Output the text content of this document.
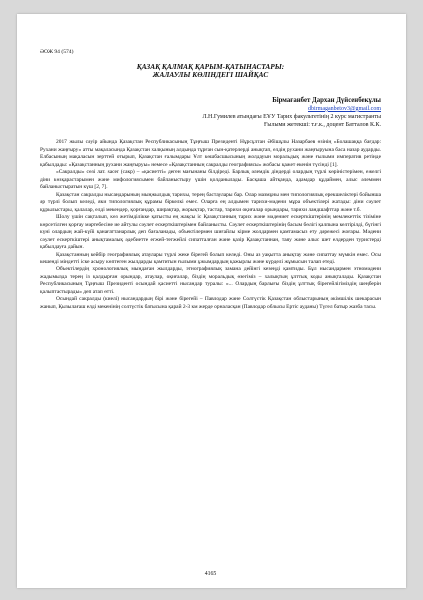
ӘОЖ 94 (574)
ҚАЗАҚ ҚАЛМАҚ ҚАРЫМ-ҚАТЫНАСТАРЫ:
ЖАЛАУЛЫ КӨЛІНДЕГІ ШАЙҚАС
Бірмағанбет Дархан Дүйсенбекұлы
dbirmaganbetov3@gmail.com
Л.Н.Гумилев атындағы ЕҰУ Тарих факультетінің 2 курс магистранты
Ғылыми жетекші: т.ғ.к., доцент Батталов К.К.

2017 жылы сәуір айында Қазақстан Республикасының Тұңғыш Президенті Нұрсұлтан Әбішұлы Назарбаев өзінің «Болашаққа бағдар: Рухани жаңғыру» атты мақаласында Қазақстан халқының алдында тұрған сын-қатерлерді анықтап, елдің рухани жаңғыруына баса назар аударды. Елбасының мақаласын зерттей отырып, Қазақстан ғалымдары Ұлт көшбасшысының жолдауын моральдық және ғылыми императив ретінде қабылдады: «Қазақстанның рухани жаңғыруы» немесе «Қазақстанның сакралды географиясы» жобасы қажет екенін түсінді [1].

«Сакралды» сөзі лат. sacer (сакр) – «қасиетті» деген мағынаны білдіреді. Барлық әлемдік діндерді олардың түрлі көріністерімен, ежелгі діни көзқарастарымен және мифологиясымен байланыстыру үшін қолданылады. Басқаша айтқанда, адамдар құдаймен, алыс әлеммен байланыстыратын күш [2, 7].

Қазақстан сакралды нысандарының мыңжылдық тарихы, терең бастаулары бар. Олар мазмұны мен типологиялық ерекшеліктері бойынша әр түрлі болып келеді, яки типологиялық құрамы біркелкі емес. Оларға ең алдымен тарихи-мәдени мұра объектілері жатады: діни сәулет құрылыстары, қалалар, елді мекендер, қорғандар, ширақтар, жорықтар, тастар, тарихи оқиғалар орындары, тарихи ландшафттар және т.б.

Шолу үшін сақталып, көз жетімділікке қатысты ең жақсы іс Қазақстанның тарих және мәдениет ескерткіштерінің мемлекеттік тізіміне көрсетілген қорғау мәртебесіне ие айтулы сәулет ескерткіштерімен байланысты. Сәулет ескерткіштерінің басым бөлігі қалпына келтірілді, бүгінгі күні олардың жай-күйі қанағаттанарлық деп бағаланады, объектілермен шиғайлы кірме жолдармен қамтамасыз ету дәрежесі жоғары. Мәдени сәулет ескерткіштері анықтамалық әдебиетте егжей-тегжейлі сипатталған және қазір Қазақстаннан, таяу және алыс шет елдерден туристерді қабылдауға дайын.

Қазақстанның кейбір географиялық атаулары түрлі жеке бірегей болып келеді. Оны аз уақытта анықтау және сипаттау мүмкін емес. Осы кешенді міндетті іске асыру көптеген жылдарды қамтитын ғылыми ұжымдардың қажырлы және күрделі жұмысын талап етеді.

Объектілердің хронологиялық мыңдаған жылдарды, этнографиялық замана дейінгі кезеңді қамтиды. Бұл нысандармен этномәдени жадымызда терең із қалдырған орындар, атаулар, оқиғалар, біздің моральдық өзегіміз – халықтың ұлттық коды анықталады. Қазақстан Республикасының Тұңғыш Президенті осындай қасиетті нысандар туралы: «... Олардың барлығы біздің ұлттық бірегейлігіміздің шеңберін қалыптастырады» деп атап өтті.

Осындай сакралды (киелі) нысандардың бірі және бірегейі – Павлодар және Солтүстік Қазақстан облыстарының әкімшілік шекарасын жанып, Қызылағаш елді мекенінің солтүстік батысына қарай 2-3 км жерде орналасқан (Павлодар облысы Ертіс ауданы) Түгел батыр жазба тасы.

4165
